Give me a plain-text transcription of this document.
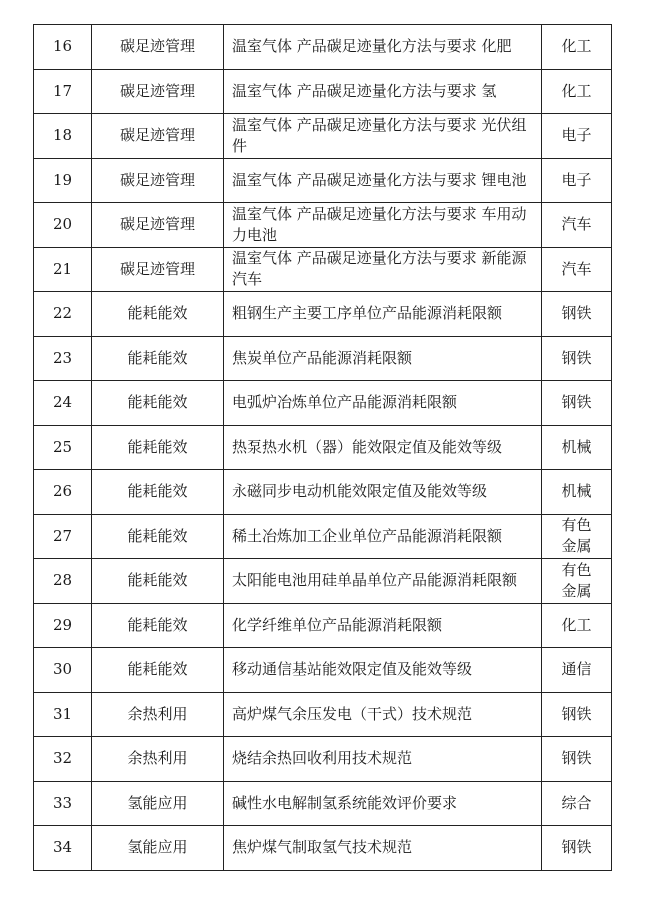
16	碳足迹管理	温室气体 产品碳足迹量化方法与要求 化肥	化工
17	碳足迹管理	温室气体 产品碳足迹量化方法与要求 氢	化工
18	碳足迹管理	温室气体 产品碳足迹量化方法与要求 光伏组件	电子
19	碳足迹管理	温室气体 产品碳足迹量化方法与要求 锂电池	电子
20	碳足迹管理	温室气体 产品碳足迹量化方法与要求 车用动力电池	汽车
21	碳足迹管理	温室气体 产品碳足迹量化方法与要求 新能源汽车	汽车
22	能耗能效	粗钢生产主要工序单位产品能源消耗限额	钢铁
23	能耗能效	焦炭单位产品能源消耗限额	钢铁
24	能耗能效	电弧炉冶炼单位产品能源消耗限额	钢铁
25	能耗能效	热泵热水机（器）能效限定值及能效等级	机械
26	能耗能效	永磁同步电动机能效限定值及能效等级	机械
27	能耗能效	稀土冶炼加工企业单位产品能源消耗限额	有色金属
28	能耗能效	太阳能电池用硅单晶单位产品能源消耗限额	有色金属
29	能耗能效	化学纤维单位产品能源消耗限额	化工
30	能耗能效	移动通信基站能效限定值及能效等级	通信
31	余热利用	高炉煤气余压发电（干式）技术规范	钢铁
32	余热利用	烧结余热回收利用技术规范	钢铁
33	氢能应用	碱性水电解制氢系统能效评价要求	综合
34	氢能应用	焦炉煤气制取氢气技术规范	钢铁
